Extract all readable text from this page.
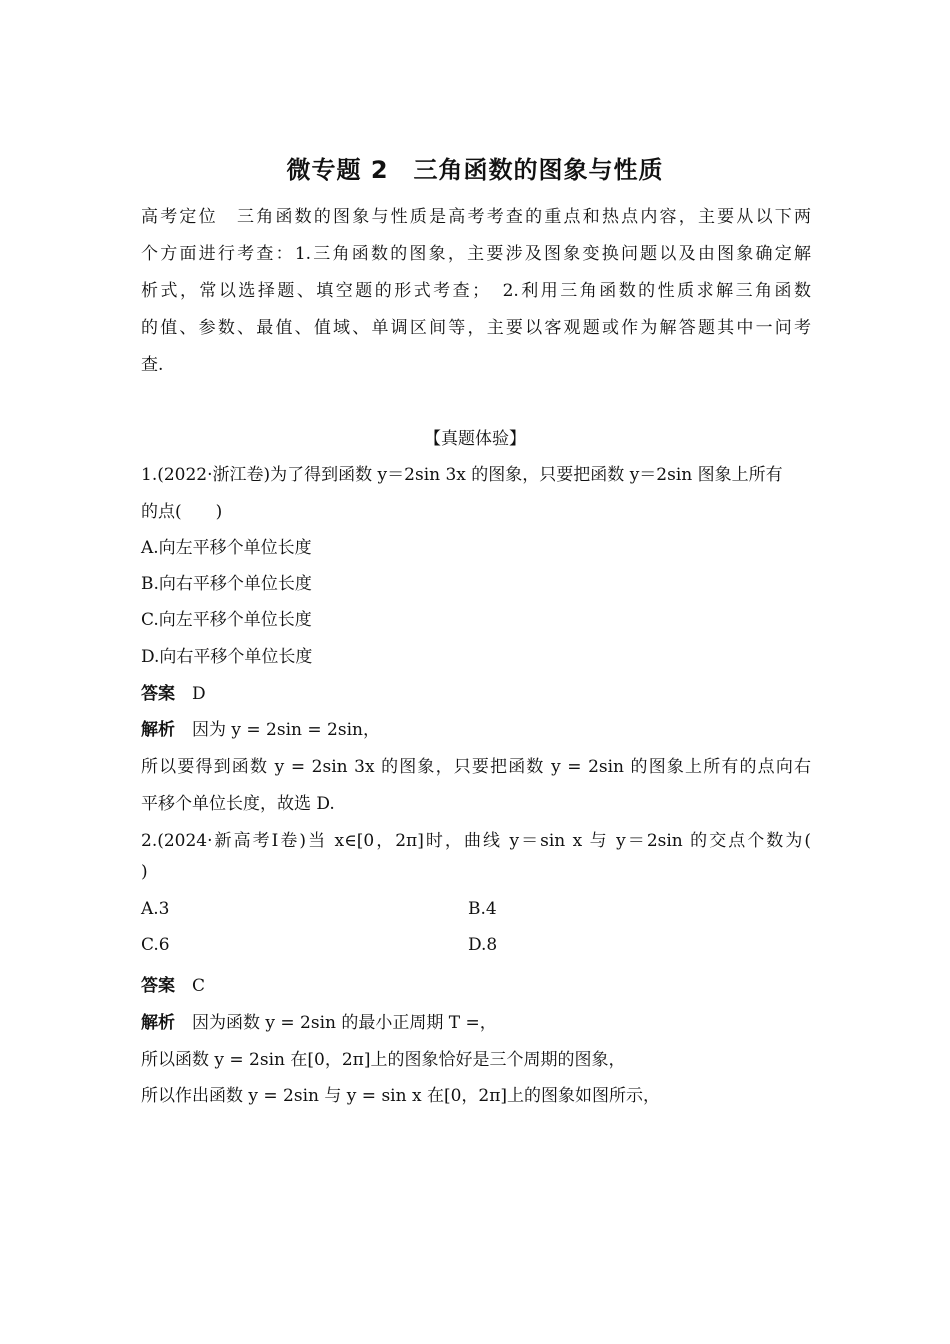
微专题 2　三角函数的图象与性质
高考定位　三角函数的图象与性质是高考考查的重点和热点内容，主要从以下两
个方面进行考查：1.三角函数的图象，主要涉及图象变换问题以及由图象确定解
析式，常以选择题、填空题的形式考查；　2.利用三角函数的性质求解三角函数
的值、参数、最值、值域、单调区间等，主要以客观题或作为解答题其中一问考
查.
【真题体验】
1.(2022·浙江卷)为了得到函数 y＝2sin 3x 的图象，只要把函数 y＝2sin 图象上所有
的点(　　)
A.向左平移个单位长度
B.向右平移个单位长度
C.向左平移个单位长度
D.向右平移个单位长度
答案　 D
解析　 因为 y = 2sin = 2sin，
所以要得到函数 y = 2sin 3x 的图象，只要把函数 y = 2sin 的图象上所有的点向右
平移个单位长度，故选 D.
2.(2024·新高考Ⅰ卷)当 x∈[0，2π]时，曲线 y＝sin x 与 y＝2sin 的交点个数为(
)
A.3	B.4
C.6	D.8
答案　 C
解析　 因为函数 y = 2sin 的最小正周期 T =，
所以函数 y = 2sin 在[0，2π]上的图象恰好是三个周期的图象，
所以作出函数 y = 2sin 与 y = sin x 在[0，2π]上的图象如图所示，
